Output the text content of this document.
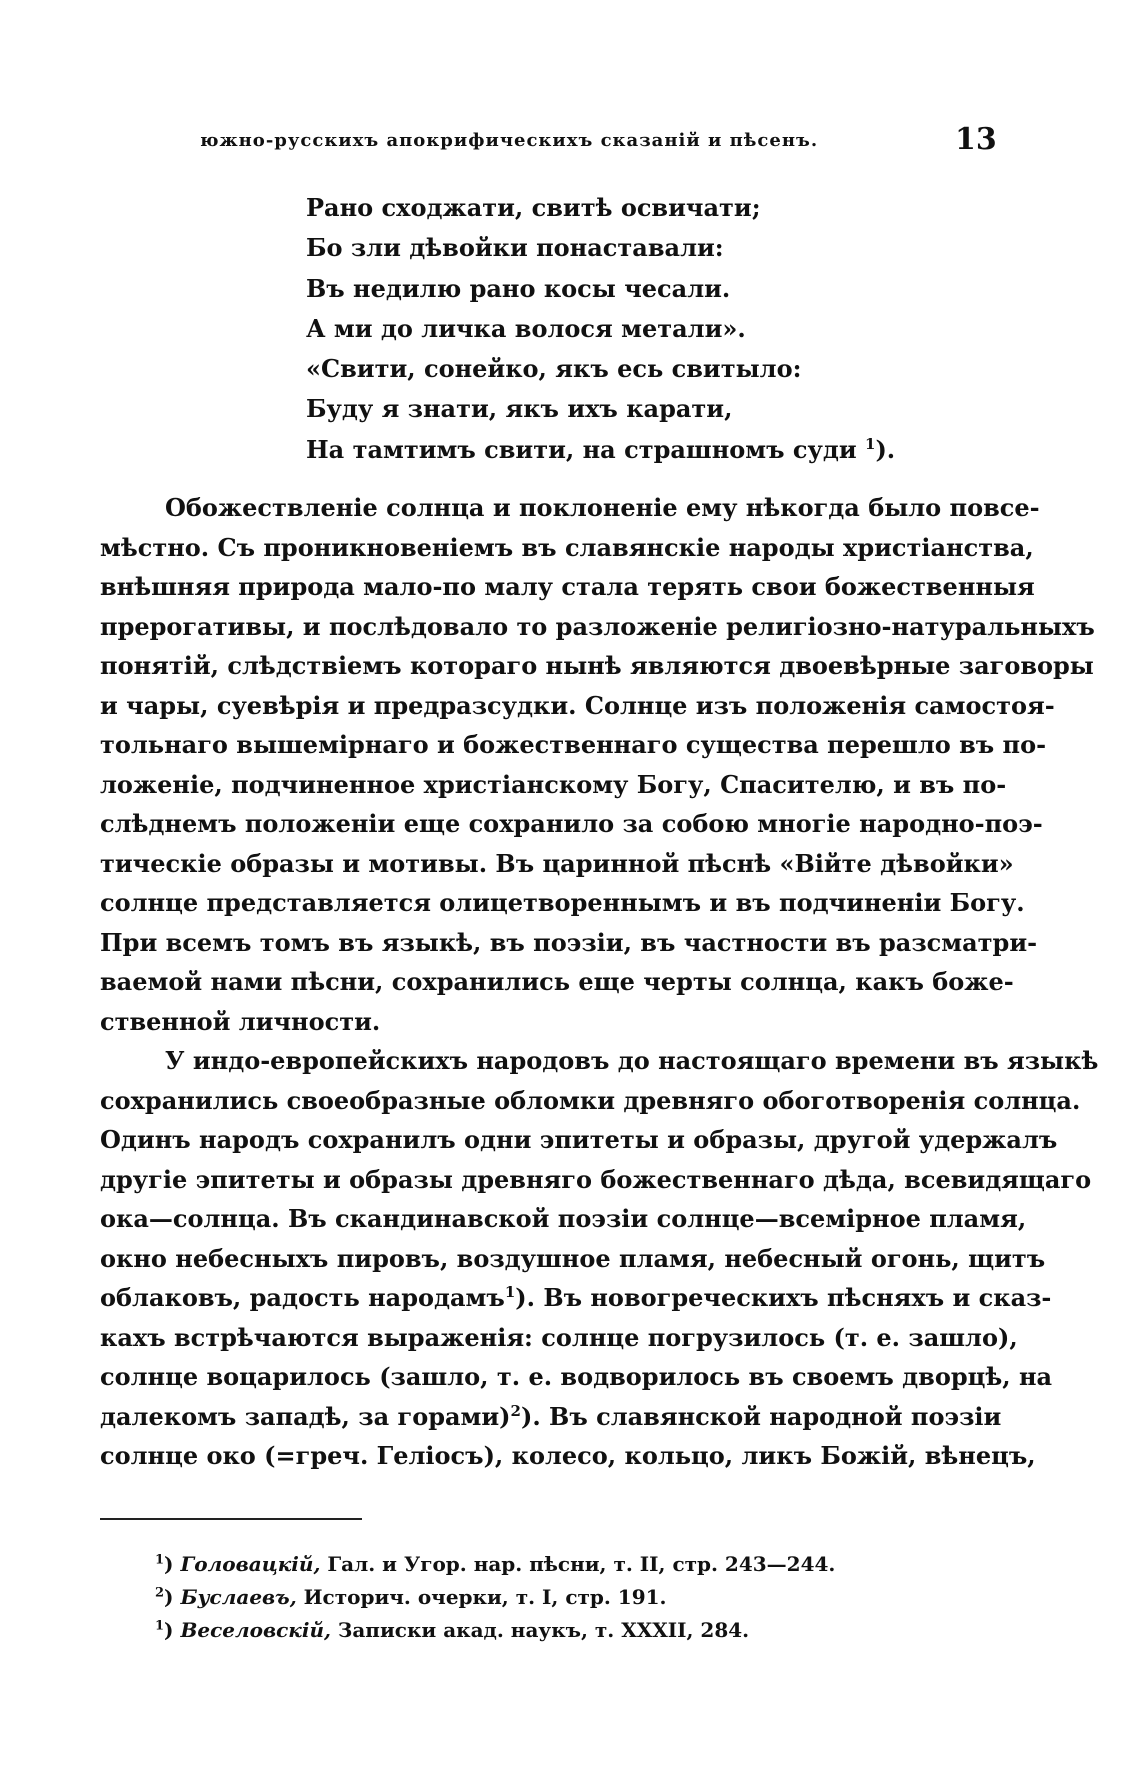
южно-русскихъ апокрифическихъ сказаній и пѣсенъ.	13
Рано сходжати, свитѣ освичати;
Бо зли дѣвойки понаставали:
Въ недилю рано косы чесали.
А ми до личка волося метали».
«Свити, сонейко, якъ есь свитыло:
Буду я знати, якъ ихъ карати,
На тамтимъ свити, на страшномъ суди $^1$).
Обожествленіе солнца и поклоненіе ему нѣкогда было повсе-
мѣстно. Съ проникновеніемъ въ славянскіе народы христіанства,
внѣшняя природа мало-по малу стала терять свои божественныя
прерогативы, и послѣдовало то разложеніе религіозно-натуральныхъ
понятій, слѣдствіемъ котораго нынѣ являются двоевѣрные заговоры
и чары, суевѣрія и предразсудки. Солнце изъ положенія самостоя-
тольнаго вышемірнаго и божественнаго существа перешло въ по-
ложеніе, подчиненное христіанскому Богу, Спасителю, и въ по-
слѣднемъ положеніи еще сохранило за собою многіе народно-поэ-
тическіе образы и мотивы. Въ царинной пѣснѣ «Війте дѣвойки»
солнце представляется олицетвореннымъ и въ подчиненіи Богу.
При всемъ томъ въ языкѣ, въ поэзіи, въ частности въ разсматри-
ваемой нами пѣсни, сохранились еще черты солнца, какъ боже-
ственной личности.
У индо-европейскихъ народовъ до настоящаго времени въ языкѣ
сохранились своеобразные обломки древняго обоготворенія солнца.
Одинъ народъ сохранилъ одни эпитеты и образы, другой удержалъ
другіе эпитеты и образы древняго божественнаго дѣда, всевидящаго
ока—солнца. Въ скандинавской поэзіи солнце—всемірное пламя,
окно небесныхъ пировъ, воздушное пламя, небесный огонь, щитъ
облаковъ, радость народамъ$^1$). Въ новогреческихъ пѣсняхъ и сказ-
кахъ встрѣчаются выраженія: солнце погрузилось (т. е. зашло),
солнце воцарилось (зашло, т. е. водворилось въ своемъ дворцѣ, на
далекомъ западѣ, за горами)$^2$). Въ славянской народной поэзіи
солнце око (=греч. Геліосъ), колесо, кольцо, ликъ Божій, вѣнецъ,
$^1$) Головацкій, Гал. и Угор. нар. пѣсни, т. II, стр. 243—244.
$^2$) Буслаевъ, Историч. очерки, т. I, стр. 191.
$^1$) Веселовскій, Записки акад. наукъ, т. XXXII, 284.
